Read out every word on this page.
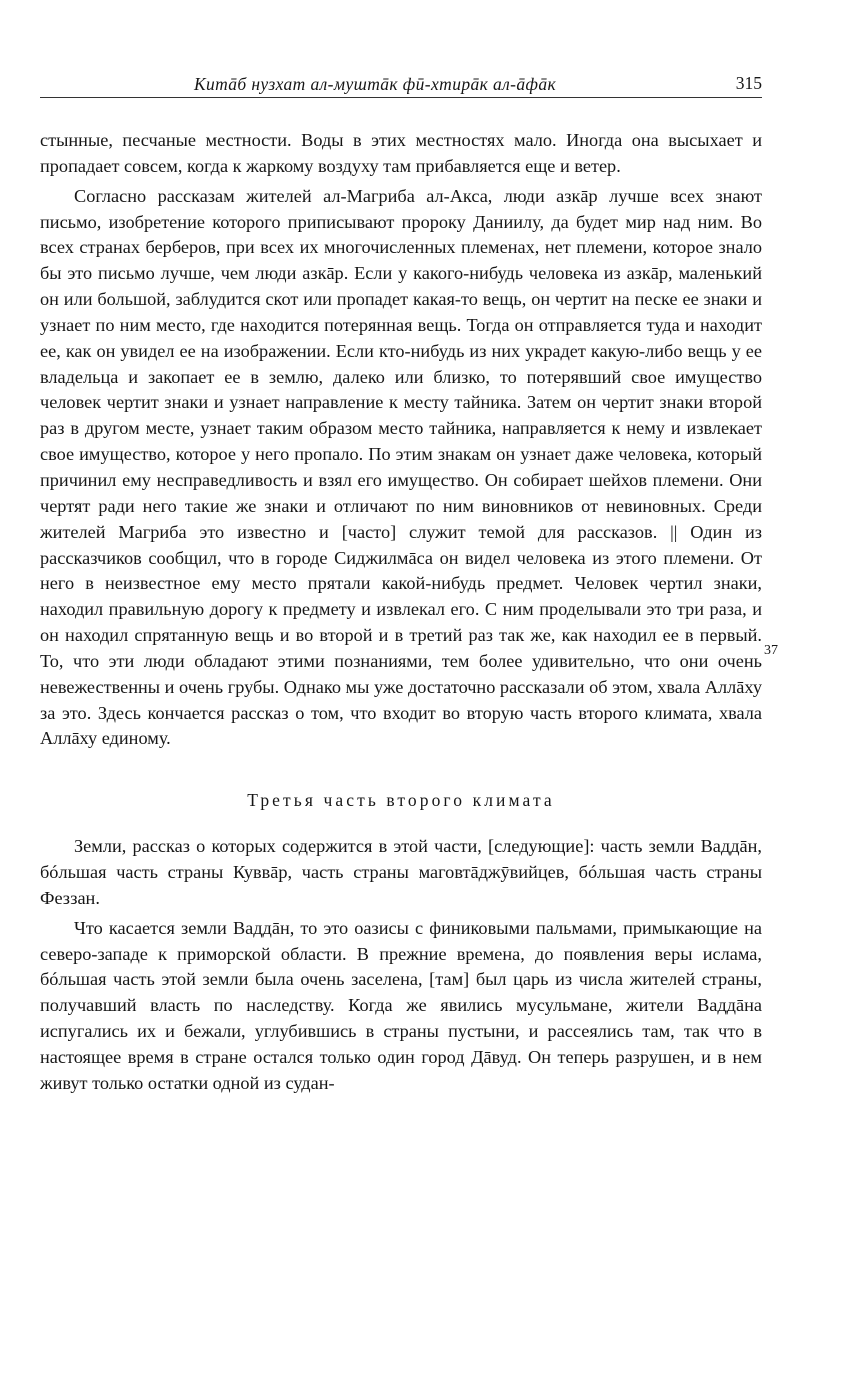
Китāб нузхат ал-муштāк фӣ-хтирāк ал-āфāк	315

стынные, песчаные местности. Воды в этих местностях мало. Иногда она высыхает и пропадает совсем, когда к жаркому воздуху там прибавляется еще и ветер.

Согласно рассказам жителей ал-Магриба ал-Акса, люди азкāр лучше всех знают письмо, изобретение которого приписывают пророку Даниилу, да будет мир над ним. Во всех странах берберов, при всех их многочисленных племенах, нет племени, которое знало бы это письмо лучше, чем люди азкāр. Если у какого-нибудь человека из азкāр, маленький он или большой, заблудится скот или пропадет какая-то вещь, он чертит на песке ее знаки и узнает по ним место, где находится потерянная вещь. Тогда он отправляется туда и находит ее, как он увидел ее на изображении. Если кто-нибудь из них украдет какую-либо вещь у ее владельца и закопает ее в землю, далеко или близко, то потерявший свое имущество человек чертит знаки и узнает направление к месту тайника. Затем он чертит знаки второй раз в другом месте, узнает таким образом место тайника, направляется к нему и извлекает свое имущество, которое у него пропало. По этим знакам он узнает даже человека, который причинил ему несправедливость и взял его имущество. Он собирает шейхов племени. Они чертят ради него такие же знаки и отличают по ним виновников от невиновных. Среди жителей Магриба это известно и [часто] служит темой для рассказов. || Один из рассказчиков сообщил, что в городе Сиджилмāса он видел человека из этого племени. От него в неизвестное ему место прятали какой-нибудь предмет. Человек чертил знаки, находил правильную дорогу к предмету и извлекал его. С ним проделывали это три раза, и он находил спрятанную вещь и во второй и в третий раз так же, как находил ее в первый. То, что эти люди обладают этими познаниями, тем более удивительно, что они очень невежественны и очень грубы. Однако мы уже достаточно рассказали об этом, хвала Аллāху за это. Здесь кончается рассказ о том, что входит во вторую часть второго климата, хвала Аллāху единому.

Третья часть второго климата

Земли, рассказ о которых содержится в этой части, [следующие]: часть земли Ваддāн, бóльшая часть страны Куввāр, часть страны маговтāджӯвийцев, бóльшая часть страны Феззан.

Что касается земли Ваддāн, то это оазисы с финиковыми пальмами, примыкающие на северо-западе к приморской области. В прежние времена, до появления веры ислама, бóльшая часть этой земли была очень заселена, [там] был царь из числа жителей страны, получавший власть по наследству. Когда же явились мусульмане, жители Ваддāна испугались их и бежали, углубившись в страны пустыни, и рассеялись там, так что в настоящее время в стране остался только один город Дāвуд. Он теперь разрушен, и в нем живут только остатки одной из судан-

37
